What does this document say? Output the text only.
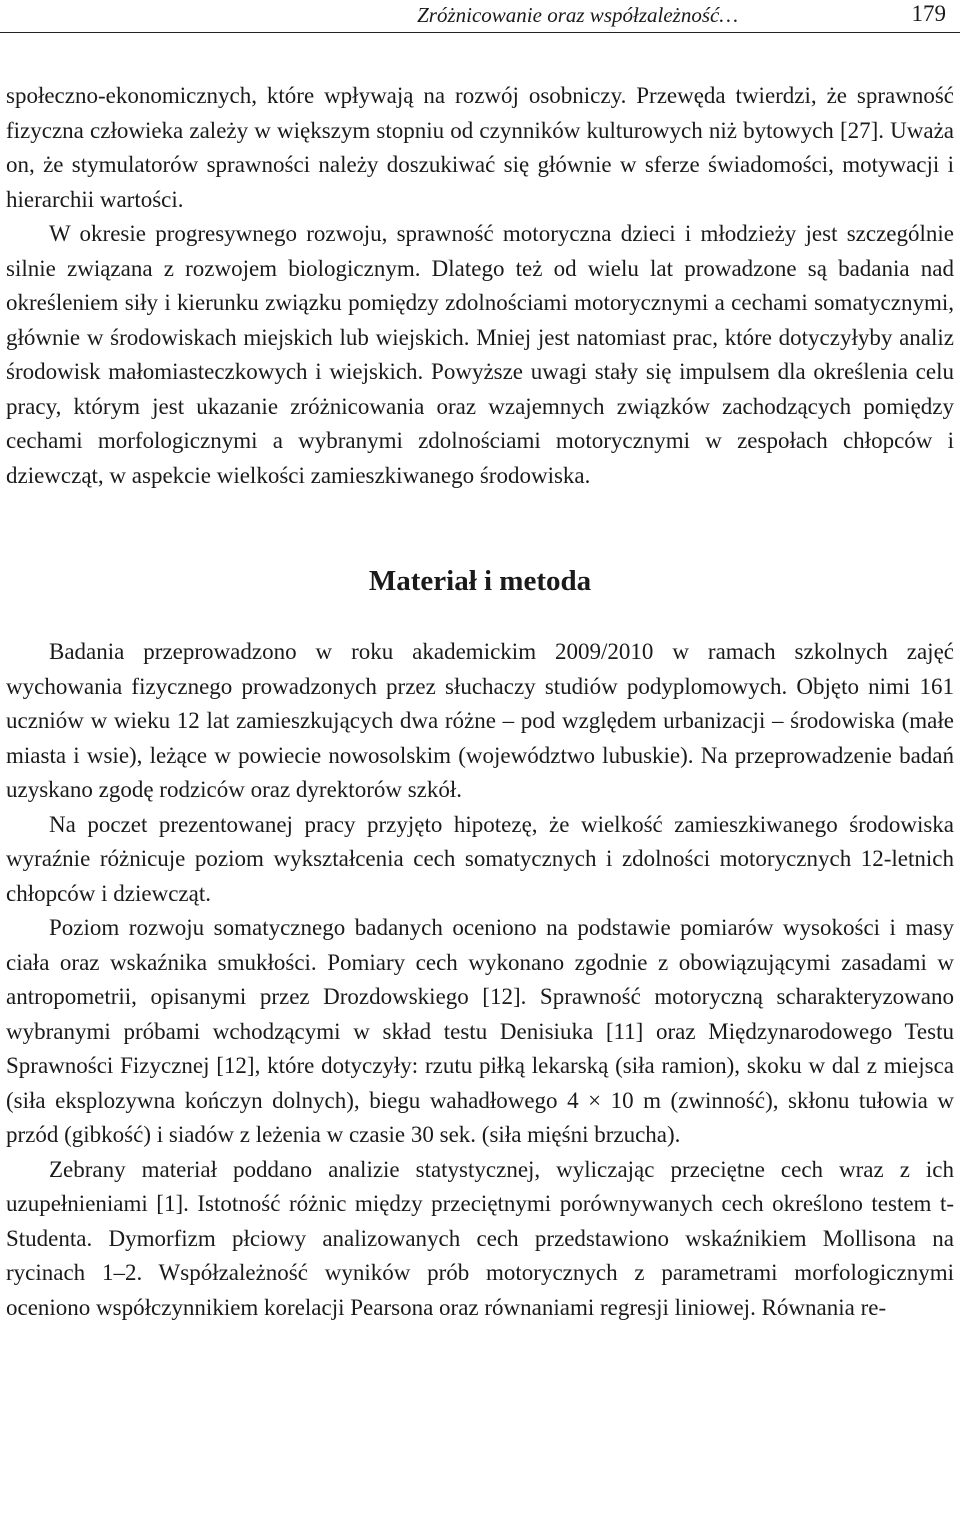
Zróżnicowanie oraz współzależność…	179

społeczno-ekonomicznych, które wpływają na rozwój osobniczy. Przewęda twierdzi, że sprawność fizyczna człowieka zależy w większym stopniu od czynników kulturowych niż bytowych [27]. Uważa on, że stymulatorów sprawności należy doszukiwać się głównie w sferze świadomości, motywacji i hierarchii wartości.

W okresie progresywnego rozwoju, sprawność motoryczna dzieci i młodzieży jest szczególnie silnie związana z rozwojem biologicznym. Dlatego też od wielu lat prowadzone są badania nad określeniem siły i kierunku związku pomiędzy zdolnościami motorycznymi a cechami somatycznymi, głównie w środowiskach miejskich lub wiejskich. Mniej jest natomiast prac, które dotyczyłyby analiz środowisk małomiasteczkowych i wiejskich. Powyższe uwagi stały się impulsem dla określenia celu pracy, którym jest ukazanie zróżnicowania oraz wzajemnych związków zachodzących pomiędzy cechami morfologicznymi a wybranymi zdolnościami motorycznymi w zespołach chłopców i dziewcząt, w aspekcie wielkości zamieszkiwanego środowiska.

Materiał i metoda

Badania przeprowadzono w roku akademickim 2009/2010 w ramach szkolnych zajęć wychowania fizycznego prowadzonych przez słuchaczy studiów podyplomowych. Objęto nimi 161 uczniów w wieku 12 lat zamieszkujących dwa różne – pod względem urbanizacji – środowiska (małe miasta i wsie), leżące w powiecie nowosolskim (województwo lubuskie). Na przeprowadzenie badań uzyskano zgodę rodziców oraz dyrektorów szkół.

Na poczet prezentowanej pracy przyjęto hipotezę, że wielkość zamieszkiwanego środowiska wyraźnie różnicuje poziom wykształcenia cech somatycznych i zdolności motorycznych 12-letnich chłopców i dziewcząt.

Poziom rozwoju somatycznego badanych oceniono na podstawie pomiarów wysokości i masy ciała oraz wskaźnika smukłości. Pomiary cech wykonano zgodnie z obowiązującymi zasadami w antropometrii, opisanymi przez Drozdowskiego [12]. Sprawność motoryczną scharakteryzowano wybranymi próbami wchodzącymi w skład testu Denisiuka [11] oraz Międzynarodowego Testu Sprawności Fizycznej [12], które dotyczyły: rzutu piłką lekarską (siła ramion), skoku w dal z miejsca (siła eksplozywna kończyn dolnych), biegu wahadłowego 4 × 10 m (zwinność), skłonu tułowia w przód (gibkość) i siadów z leżenia w czasie 30 sek. (siła mięśni brzucha).

Zebrany materiał poddano analizie statystycznej, wyliczając przeciętne cech wraz z ich uzupełnieniami [1]. Istotność różnic między przeciętnymi porównywanych cech określono testem t-Studenta. Dymorfizm płciowy analizowanych cech przedstawiono wskaźnikiem Mollisona na rycinach 1–2. Współzależność wyników prób motorycznych z parametrami morfologicznymi oceniono współczynnikiem korelacji Pearsona oraz równaniami regresji liniowej. Równania re-
